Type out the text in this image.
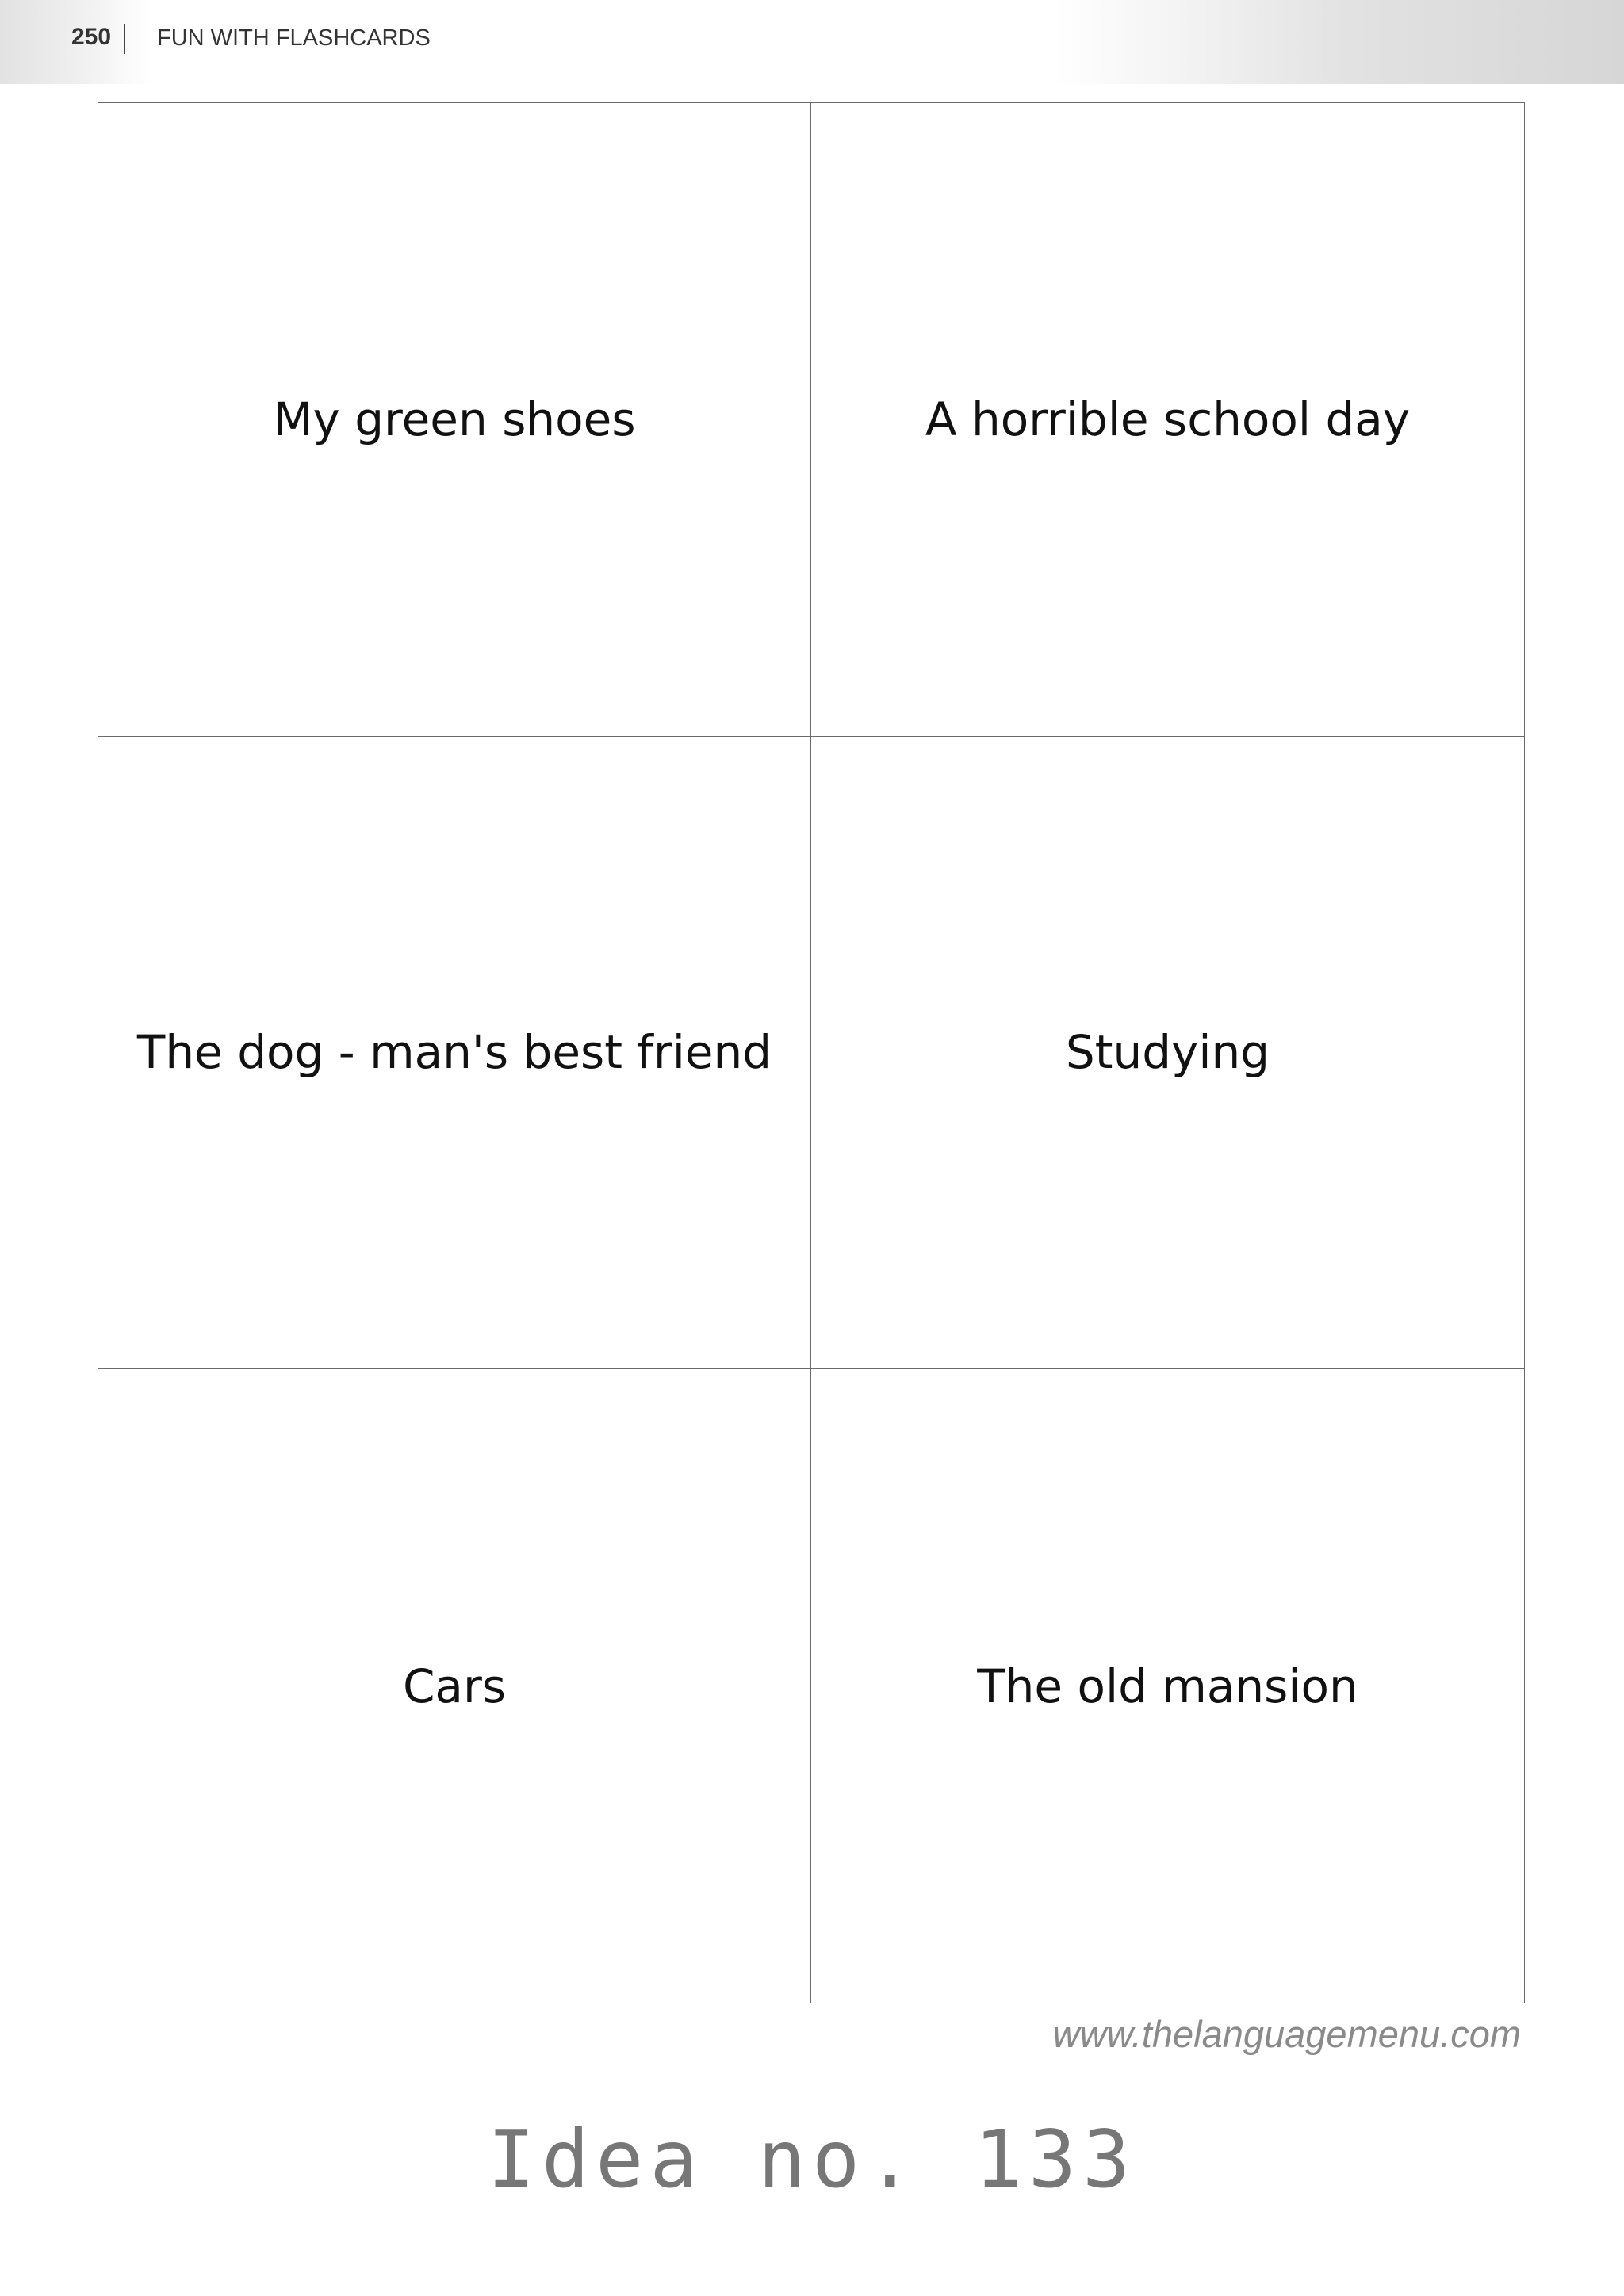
250 FUN WITH FLASHCARDS
My green shoes	A horrible school day
The dog - man's best friend	Studying
Cars	The old mansion
www.thelanguagemenu.com
Idea no. 133
